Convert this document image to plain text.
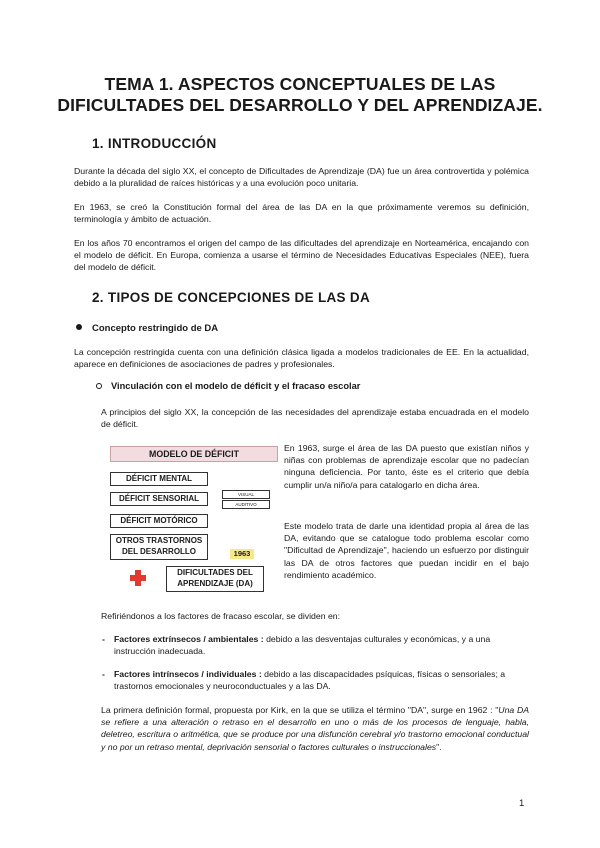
TEMA 1. ASPECTOS CONCEPTUALES DE LAS
DIFICULTADES DEL DESARROLLO Y DEL APRENDIZAJE.
1. INTRODUCCIÓN
Durante la década del siglo XX, el concepto de Dificultades de Aprendizaje (DA) fue un área controvertida y polémica debido a la pluralidad de raíces históricas y a una evolución poco unitaria.
En 1963, se creó la Constitución formal del área de las DA en la que próximamente veremos su definición, terminología y ámbito de actuación.
En los años 70 encontramos el origen del campo de las dificultades del aprendizaje en Norteamérica, encajando con el modelo de déficit. En Europa, comienza a usarse el término de Necesidades Educativas Especiales (NEE), fuera del modelo de déficit.
2. TIPOS DE CONCEPCIONES DE LAS DA
Concepto restringido de DA
La concepción restringida cuenta con una definición clásica ligada a modelos tradicionales de EE. En la actualidad, aparece en definiciones de asociaciones de padres y profesionales.
Vinculación con el modelo de déficit y el fracaso escolar
A principios del siglo XX, la concepción de las necesidades del aprendizaje estaba encuadrada en el modelo de déficit.
MODELO DE DÉFICIT
DÉFICIT MENTAL
DÉFICIT SENSORIAL	VISUAL
AUDITIVO
DÉFICIT MOTÓRICO
OTROS TRASTORNOS
DEL DESARROLLO	1963
DIFICULTADES DEL
APRENDIZAJE (DA)
En 1963, surge el área de las DA puesto que existían niños y niñas con problemas de aprendizaje escolar que no padecían ninguna deficiencia. Por tanto, éste es el criterio que debía cumplir un/a niño/a para catalogarlo en dicha área.
Este modelo trata de darle una identidad propia al área de las DA, evitando que se catalogue todo problema escolar como "Dificultad de Aprendizaje", haciendo un esfuerzo por distinguir las DA de otros factores que puedan incidir en el bajo rendimiento académico.
Refiriéndonos a los factores de fracaso escolar, se dividen en:
- Factores extrínsecos / ambientales : debido a las desventajas culturales y económicas, y a una instrucción inadecuada.
- Factores intrínsecos / individuales : debido a las discapacidades psíquicas, físicas o sensoriales; a trastornos emocionales y neuroconductuales y a las DA.
La primera definición formal, propuesta por Kirk, en la que se utiliza el término "DA", surge en 1962 : "Una DA se refiere a una alteración o retraso en el desarrollo en uno o más de los procesos de lenguaje, habla, deletreo, escritura o aritmética, que se produce por una disfunción cerebral y/o trastorno emocional conductual y no por un retraso mental, deprivación sensorial o factores culturales o instruccionales".
1
